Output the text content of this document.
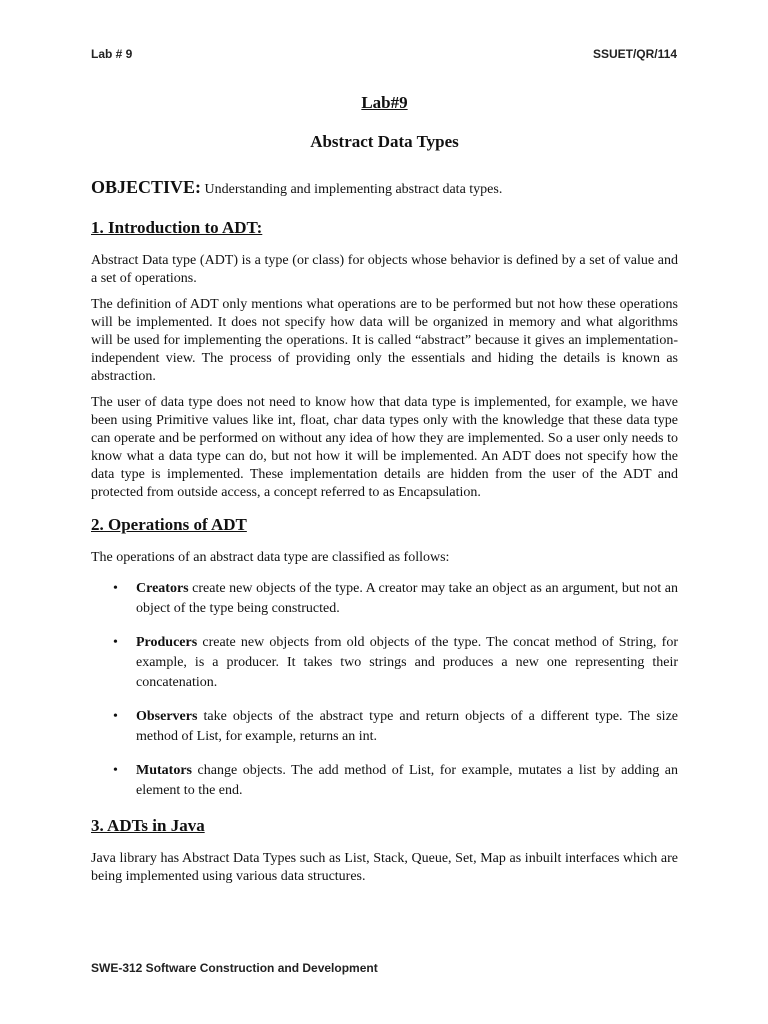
Lab # 9	SSUET/QR/114
Lab#9
Abstract Data Types
OBJECTIVE: Understanding and implementing abstract data types.
1. Introduction to ADT:

Abstract Data type (ADT) is a type (or class) for objects whose behavior is defined by a set of value and a set of operations.

The definition of ADT only mentions what operations are to be performed but not how these operations will be implemented. It does not specify how data will be organized in memory and what algorithms will be used for implementing the operations. It is called “abstract” because it gives an implementation-independent view. The process of providing only the essentials and hiding the details is known as abstraction.

The user of data type does not need to know how that data type is implemented, for example, we have been using Primitive values like int, float, char data types only with the knowledge that these data type can operate and be performed on without any idea of how they are implemented. So a user only needs to know what a data type can do, but not how it will be implemented. An ADT does not specify how the data type is implemented. These implementation details are hidden from the user of the ADT and protected from outside access, a concept referred to as Encapsulation.

2. Operations of ADT

The operations of an abstract data type are classified as follows:

• Creators create new objects of the type. A creator may take an object as an argument, but not an object of the type being constructed.
• Producers create new objects from old objects of the type. The concat method of String, for example, is a producer. It takes two strings and produces a new one representing their concatenation.
• Observers take objects of the abstract type and return objects of a different type. The size method of List, for example, returns an int.
• Mutators change objects. The add method of List, for example, mutates a list by adding an element to the end.
3. ADTs in Java

Java library has Abstract Data Types such as List, Stack, Queue, Set, Map as inbuilt interfaces which are being implemented using various data structures.

SWE-312 Software Construction and Development
